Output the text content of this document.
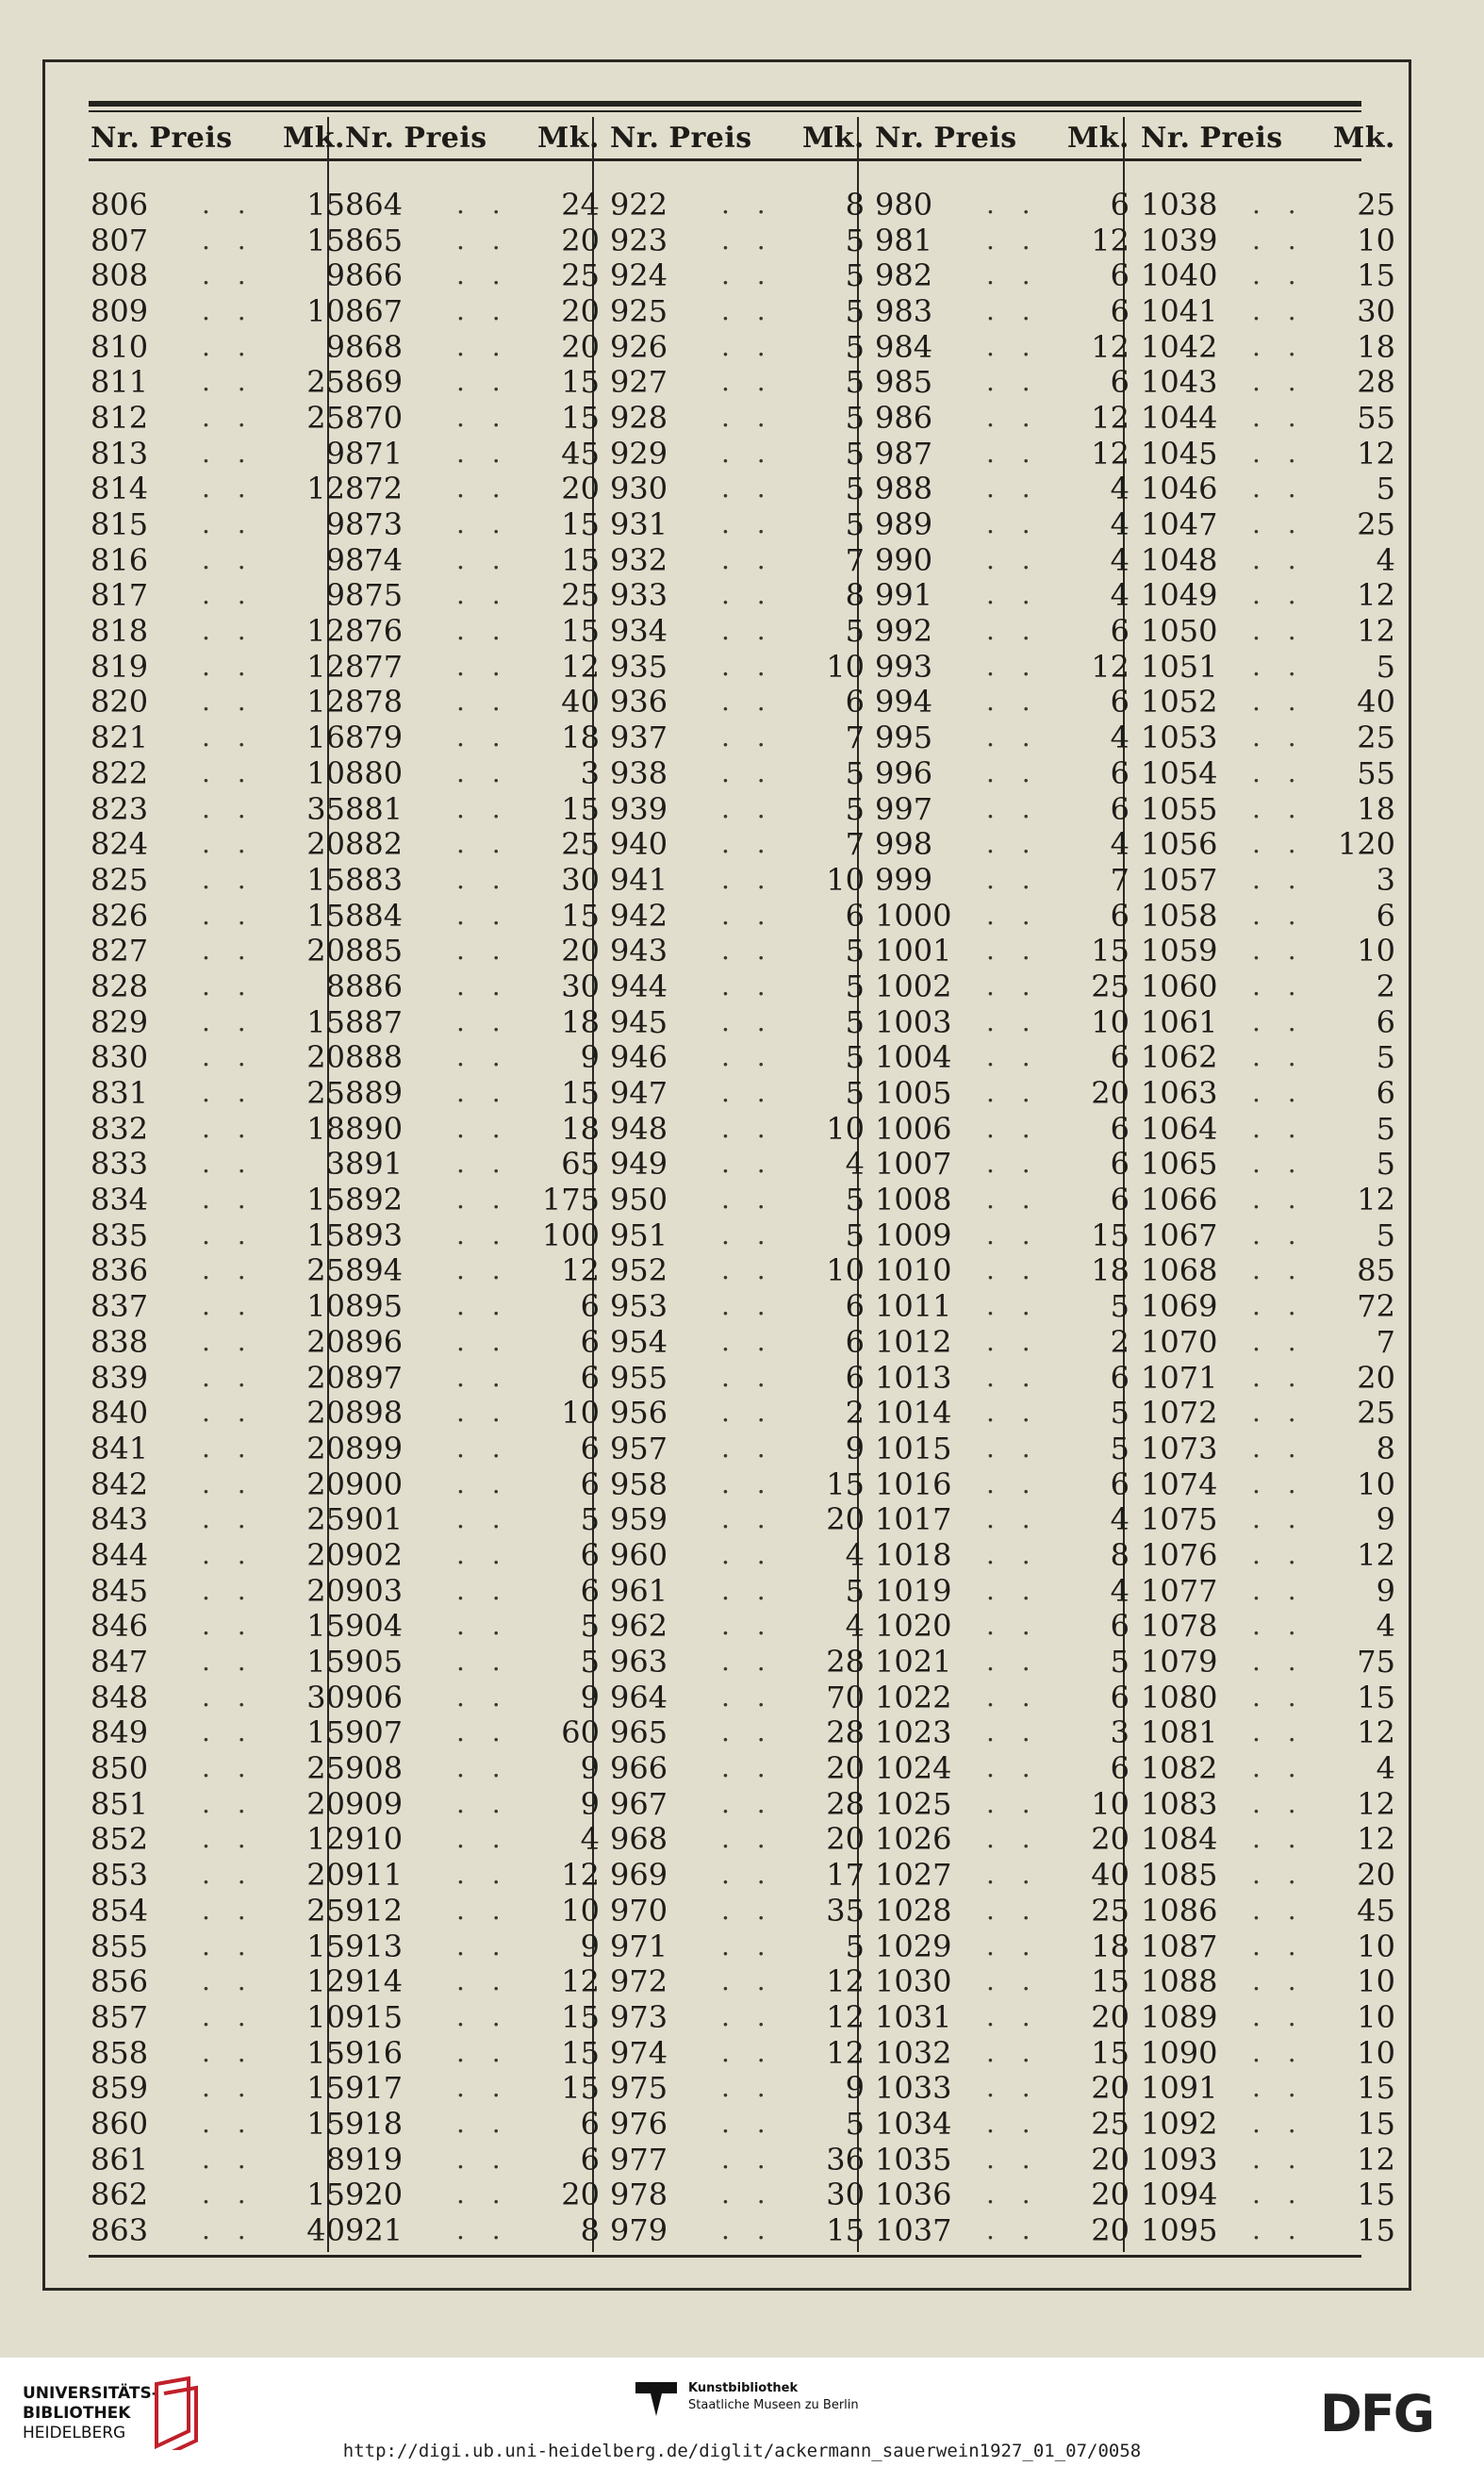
Nr. Preis Mk.
806	. .	15
807	. .	15
808	. .	9
809	. .	10
810	. .	9
811	. .	25
812	. .	25
813	. .	9
814	. .	12
815	. .	9
816	. .	9
817	. .	9
818	. .	12
819	. .	12
820	. .	12
821	. .	16
822	. .	10
823	. .	35
824	. .	20
825	. .	15
826	. .	15
827	. .	20
828	. .	8
829	. .	15
830	. .	20
831	. .	25
832	. .	18
833	. .	3
834	. .	15
835	. .	15
836	. .	25
837	. .	10
838	. .	20
839	. .	20
840	. .	20
841	. .	20
842	. .	20
843	. .	25
844	. .	20
845	. .	20
846	. .	15
847	. .	15
848	. .	30
849	. .	15
850	. .	25
851	. .	20
852	. .	12
853	. .	20
854	. .	25
855	. .	15
856	. .	12
857	. .	10
858	. .	15
859	. .	15
860	. .	15
861	. .	8
862	. .	15
863	. .	40
Nr. Preis Mk.
864	. .	24
865	. .	20
866	. .	25
867	. .	20
868	. .	20
869	. .	15
870	. .	15
871	. .	45
872	. .	20
873	. .	15
874	. .	15
875	. .	25
876	. .	15
877	. .	12
878	. .	40
879	. .	18
880	. .	3
881	. .	15
882	. .	25
883	. .	30
884	. .	15
885	. .	20
886	. .	30
887	. .	18
888	. .	9
889	. .	15
890	. .	18
891	. .	65
892	. .	175
893	. .	100
894	. .	12
895	. .	6
896	. .	6
897	. .	6
898	. .	10
899	. .	6
900	. .	6
901	. .	5
902	. .	6
903	. .	6
904	. .	5
905	. .	5
906	. .	9
907	. .	60
908	. .	9
909	. .	9
910	. .	4
911	. .	12
912	. .	10
913	. .	9
914	. .	12
915	. .	15
916	. .	15
917	. .	15
918	. .	6
919	. .	6
920	. .	20
921	. .	8
Nr. Preis Mk.
922	. .	8
923	. .	5
924	. .	5
925	. .	5
926	. .	5
927	. .	5
928	. .	5
929	. .	5
930	. .	5
931	. .	5
932	. .	7
933	. .	8
934	. .	5
935	. .	10
936	. .	6
937	. .	7
938	. .	5
939	. .	5
940	. .	7
941	. .	10
942	. .	6
943	. .	5
944	. .	5
945	. .	5
946	. .	5
947	. .	5
948	. .	10
949	. .	4
950	. .	5
951	. .	5
952	. .	10
953	. .	6
954	. .	6
955	. .	6
956	. .	2
957	. .	9
958	. .	15
959	. .	20
960	. .	4
961	. .	5
962	. .	4
963	. .	28
964	. .	70
965	. .	28
966	. .	20
967	. .	28
968	. .	20
969	. .	17
970	. .	35
971	. .	5
972	. .	12
973	. .	12
974	. .	12
975	. .	9
976	. .	5
977	. .	36
978	. .	30
979	. .	15
Nr. Preis Mk.
980	. .	6
981	. .	12
982	. .	6
983	. .	6
984	. .	12
985	. .	6
986	. .	12
987	. .	12
988	. .	4
989	. .	4
990	. .	4
991	. .	4
992	. .	6
993	. .	12
994	. .	6
995	. .	4
996	. .	6
997	. .	6
998	. .	4
999	. .	7
1000	. .	6
1001	. .	15
1002	. .	25
1003	. .	10
1004	. .	6
1005	. .	20
1006	. .	6
1007	. .	6
1008	. .	6
1009	. .	15
1010	. .	18
1011	. .	5
1012	. .	2
1013	. .	6
1014	. .	5
1015	. .	5
1016	. .	6
1017	. .	4
1018	. .	8
1019	. .	4
1020	. .	6
1021	. .	5
1022	. .	6
1023	. .	3
1024	. .	6
1025	. .	10
1026	. .	20
1027	. .	40
1028	. .	25
1029	. .	18
1030	. .	15
1031	. .	20
1032	. .	15
1033	. .	20
1034	. .	25
1035	. .	20
1036	. .	20
1037	. .	20
Nr. Preis Mk.
1038	. .	25
1039	. .	10
1040	. .	15
1041	. .	30
1042	. .	18
1043	. .	28
1044	. .	55
1045	. .	12
1046	. .	5
1047	. .	25
1048	. .	4
1049	. .	12
1050	. .	12
1051	. .	5
1052	. .	40
1053	. .	25
1054	. .	55
1055	. .	18
1056	. .	120
1057	. .	3
1058	. .	6
1059	. .	10
1060	. .	2
1061	. .	6
1062	. .	5
1063	. .	6
1064	. .	5
1065	. .	5
1066	. .	12
1067	. .	5
1068	. .	85
1069	. .	72
1070	. .	7
1071	. .	20
1072	. .	25
1073	. .	8
1074	. .	10
1075	. .	9
1076	. .	12
1077	. .	9
1078	. .	4
1079	. .	75
1080	. .	15
1081	. .	12
1082	. .	4
1083	. .	12
1084	. .	12
1085	. .	20
1086	. .	45
1087	. .	10
1088	. .	10
1089	. .	10
1090	. .	10
1091	. .	15
1092	. .	15
1093	. .	12
1094	. .	15
1095	. .	15
UNIVERSITÄTS-
BIBLIOTHEK
HEIDELBERG
Kunstbibliothek
Staatliche Museen zu Berlin	DFG
http://digi.ub.uni-heidelberg.de/diglit/ackermann_sauerwein1927_01_07/0058
